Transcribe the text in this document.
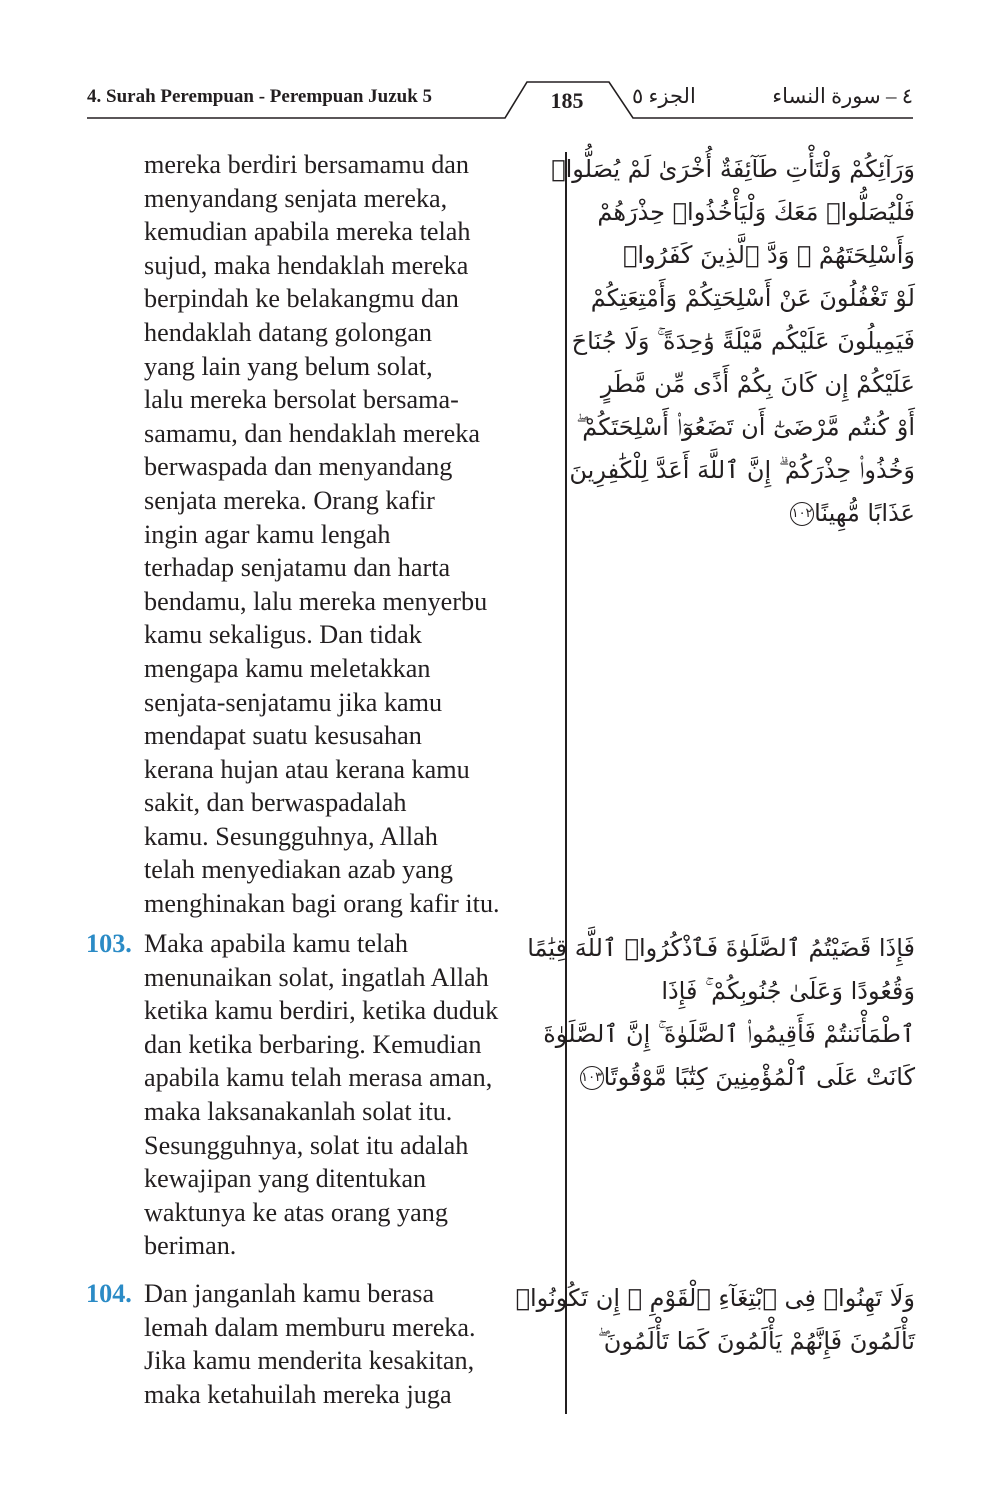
4. Surah Perempuan - Perempuan Juzuk 5	185	الجزء ٥	٤ – سورة النساء
mereka berdiri bersamamu dan
menyandang senjata mereka,
kemudian apabila mereka telah
sujud, maka hendaklah mereka
berpindah ke belakangmu dan
hendaklah datang golongan
yang lain yang belum solat,
lalu mereka bersolat bersama-
samamu, dan hendaklah mereka
berwaspada dan menyandang
senjata mereka. Orang kafir
ingin agar kamu lengah
terhadap senjatamu dan harta
bendamu, lalu mereka menyerbu
kamu sekaligus. Dan tidak
mengapa kamu meletakkan
senjata-senjatamu jika kamu
mendapat suatu kesusahan
kerana hujan atau kerana kamu
sakit, dan berwaspadalah
kamu. Sesungguhnya, Allah
telah menyediakan azab yang
menghinakan bagi orang kafir itu.
103. Maka apabila kamu telah
menunaikan solat, ingatlah Allah
ketika kamu berdiri, ketika duduk
dan ketika berbaring. Kemudian
apabila kamu telah merasa aman,
maka laksanakanlah solat itu.
Sesungguhnya, solat itu adalah
kewajipan yang ditentukan
waktunya ke atas orang yang
beriman.
104. Dan janganlah kamu berasa
lemah dalam memburu mereka.
Jika kamu menderita kesakitan,
maka ketahuilah mereka juga
وَرَآئِكُمْ وَلْتَأْتِ طَآئِفَةٌ أُخْرَىٰ لَمْ يُصَلُّوا۟
فَلْيُصَلُّوا۟ مَعَكَ وَلْيَأْخُذُوا۟ حِذْرَهُمْ
وَأَسْلِحَتَهُمْ ۗ وَدَّ ٱلَّذِينَ كَفَرُوا۟
لَوْ تَغْفُلُونَ عَنْ أَسْلِحَتِكُمْ وَأَمْتِعَتِكُمْ
فَيَمِيلُونَ عَلَيْكُم مَّيْلَةً وَٰحِدَةً ۚ وَلَا جُنَاحَ
عَلَيْكُمْ إِن كَانَ بِكُمْ أَذًى مِّن مَّطَرٍ
أَوْ كُنتُم مَّرْضَىٰٓ أَن تَضَعُوٓا۟ أَسْلِحَتَكُمْ ۖ
وَخُذُوا۟ حِذْرَكُمْ ۗ إِنَّ ٱللَّهَ أَعَدَّ لِلْكَٰفِرِينَ
عَذَابًا مُّهِينًا١٠٢
فَإِذَا قَضَيْتُمُ ٱلصَّلَوٰةَ فَٱذْكُرُوا۟ ٱللَّهَ قِيَٰمًا
وَقُعُودًا وَعَلَىٰ جُنُوبِكُمْ ۚ فَإِذَا
ٱطْمَأْنَنتُمْ فَأَقِيمُوا۟ ٱلصَّلَوٰةَ ۚ إِنَّ ٱلصَّلَوٰةَ
كَانَتْ عَلَى ٱلْمُؤْمِنِينَ كِتَٰبًا مَّوْقُوتًا١٠٣
وَلَا تَهِنُوا۟ فِى ٱبْتِغَآءِ ٱلْقَوْمِ ۖ إِن تَكُونُوا۟
تَأْلَمُونَ فَإِنَّهُمْ يَأْلَمُونَ كَمَا تَأْلَمُونَ ۖ
